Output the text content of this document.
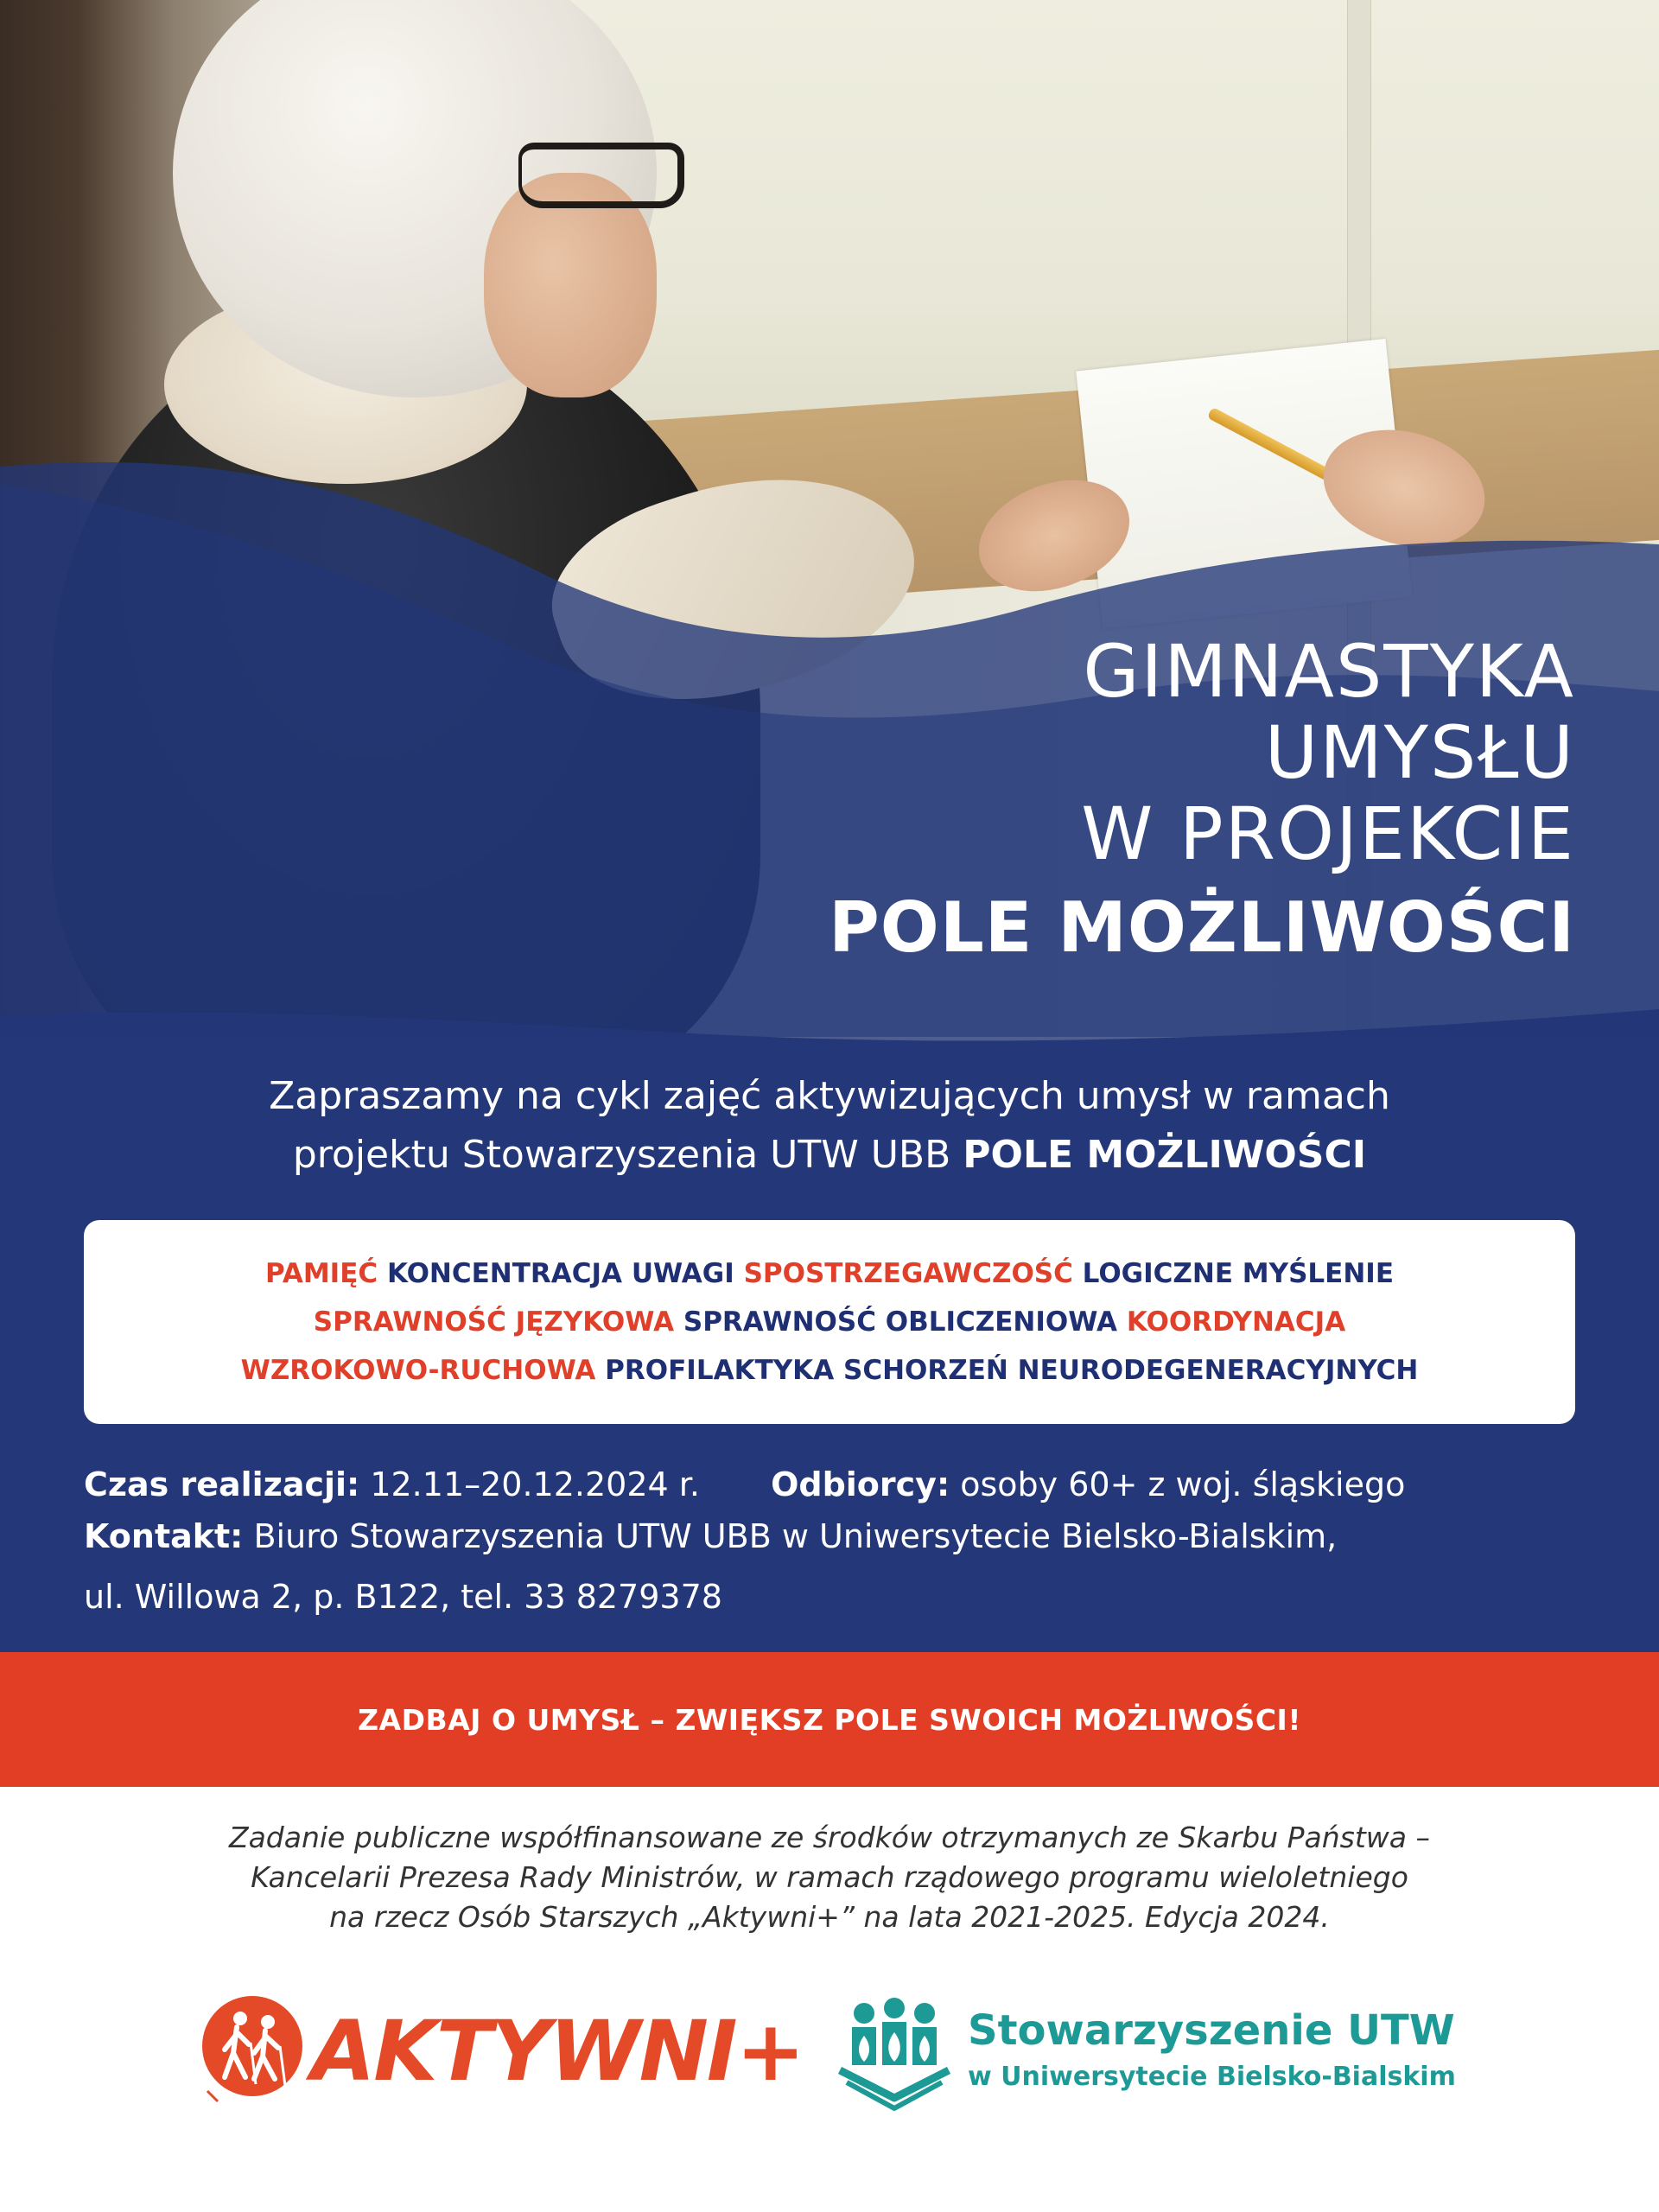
GIMNASTYKA
UMYSŁU
W PROJEKCIE
POLE MOŻLIWOŚCI
Zapraszamy na cykl zajęć aktywizujących umysł w ramach
projektu Stowarzyszenia UTW UBB POLE MOŻLIWOŚCI
PAMIĘĆ KONCENTRACJA UWAGI SPOSTRZEGAWCZOŚĆ LOGICZNE MYŚLENIE
SPRAWNOŚĆ JĘZYKOWA SPRAWNOŚĆ OBLICZENIOWA KOORDYNACJA
WZROKOWO-RUCHOWA PROFILAKTYKA SCHORZEŃ NEURODEGENERACYJNYCH
Czas realizacji: 12.11–20.12.2024 r. Odbiorcy: osoby 60+ z woj. śląskiego
Kontakt: Biuro Stowarzyszenia UTW UBB w Uniwersytecie Bielsko-Bialskim,
ul. Willowa 2, p. B122, tel. 33 8279378
ZADBAJ O UMYSŁ – ZWIĘKSZ POLE SWOICH MOŻLIWOŚCI!
Zadanie publiczne współfinansowane ze środków otrzymanych ze Skarbu Państwa –
Kancelarii Prezesa Rady Ministrów, w ramach rządowego programu wieloletniego
na rzecz Osób Starszych „Aktywni+” na lata 2021-2025. Edycja 2024.
AKTYWNI+	Stowarzyszenie UTW
w Uniwersytecie Bielsko-Bialskim
